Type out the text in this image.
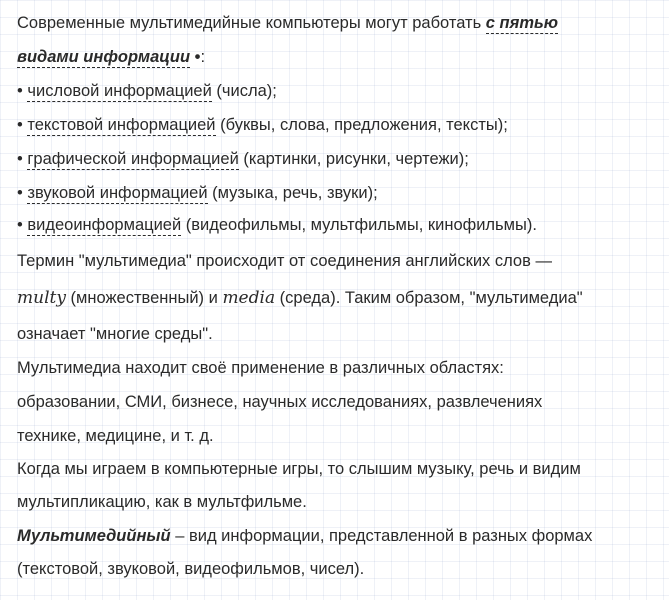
Современные мультимедийные компьютеры могут работать с пятью
видами информации •:
• числовой информацией (числа);
• текстовой информацией (буквы, слова, предложения, тексты);
• графической информацией (картинки, рисунки, чертежи);
• звуковой информацией (музыка, речь, звуки);
• видеоинформацией (видеофильмы, мультфильмы, кинофильмы).
Термин "мультимедиа" происходит от соединения английских слов —
multy (множественный) и media (среда). Таким образом, "мультимедиа"
означает "многие среды".
Мультимедиа находит своё применение в различных областях:
образовании, СМИ, бизнесе, научных исследованиях, развлечениях
технике, медицине, и т. д.
Когда мы играем в компьютерные игры, то слышим музыку, речь и видим
мультипликацию, как в мультфильме.
Мультимедийный – вид информации, представленной в разных формах
(текстовой, звуковой, видеофильмов, чисел).
